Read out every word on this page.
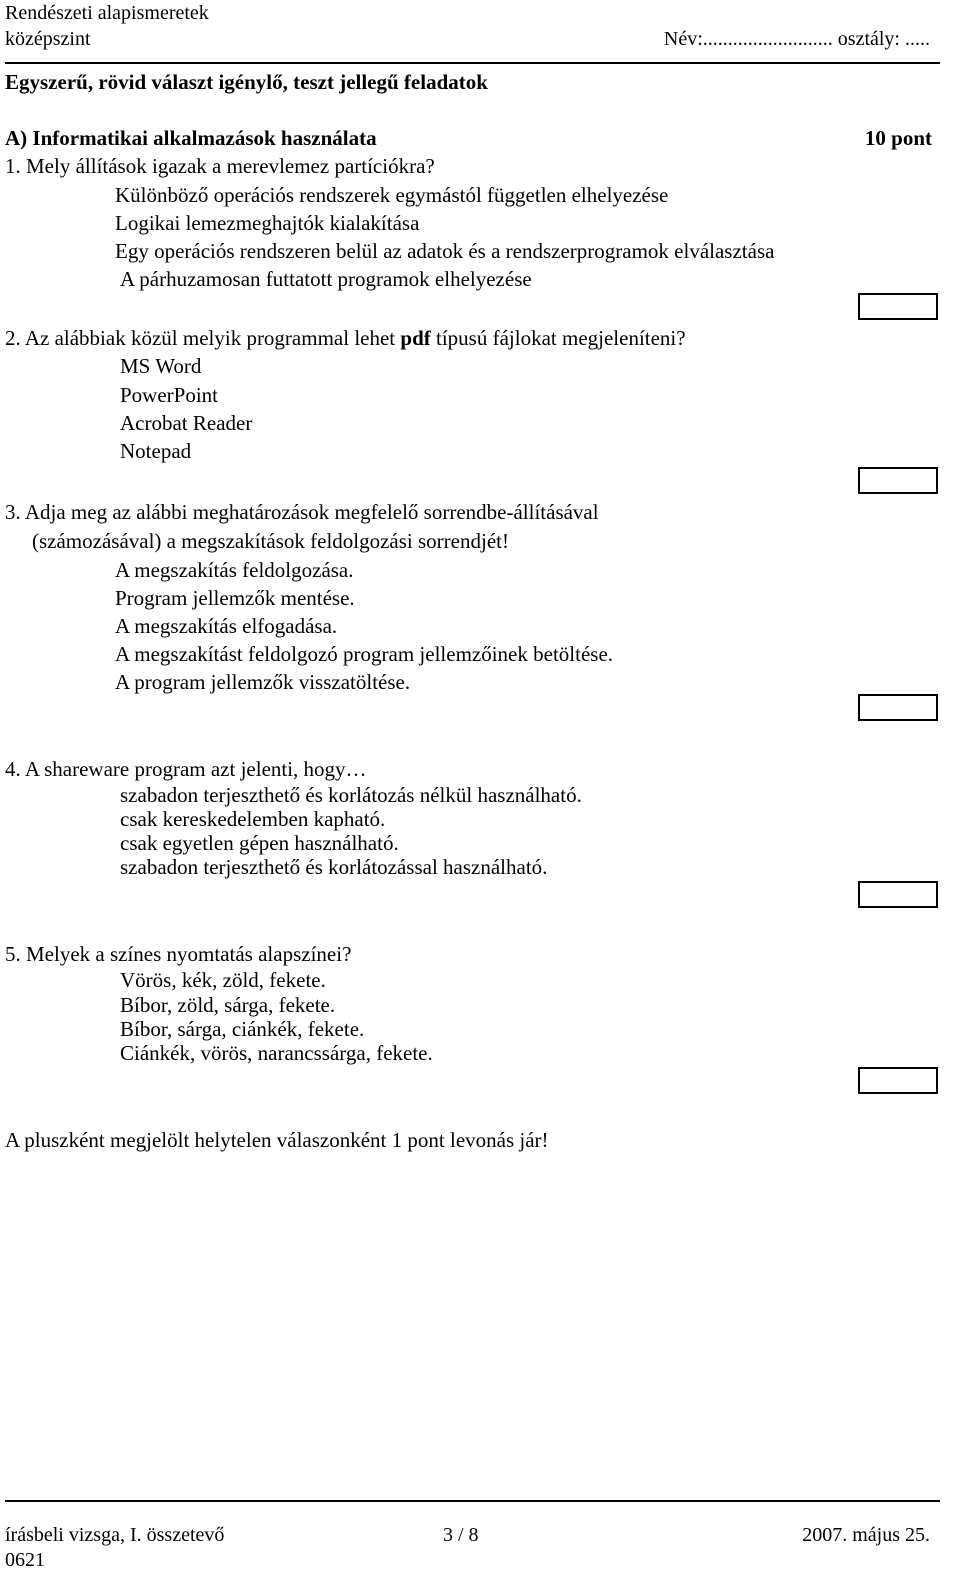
Rendészeti alapismeretek
középszint	Név:.......................... osztály: .....
Egyszerű, rövid választ igénylő, teszt jellegű feladatok
A) Informatikai alkalmazások használata	10 pont
1. Mely állítások igazak a merevlemez partíciókra?
Különböző operációs rendszerek egymástól független elhelyezése
Logikai lemezmeghajtók kialakítása
Egy operációs rendszeren belül az adatok és a rendszerprogramok elválasztása
A párhuzamosan futtatott programok elhelyezése
2. Az alábbiak közül melyik programmal lehet pdf típusú fájlokat megjeleníteni?
MS Word
PowerPoint
Acrobat Reader
Notepad
3. Adja meg az alábbi meghatározások megfelelő sorrendbe-állításával
(számozásával) a megszakítások feldolgozási sorrendjét!
A megszakítás feldolgozása.
Program jellemzők mentése.
A megszakítás elfogadása.
A megszakítást feldolgozó program jellemzőinek betöltése.
A program jellemzők visszatöltése.
4. A shareware program azt jelenti, hogy…
szabadon terjeszthető és korlátozás nélkül használható.
csak kereskedelemben kapható.
csak egyetlen gépen használható.
szabadon terjeszthető és korlátozással használható.
5. Melyek a színes nyomtatás alapszínei?
Vörös, kék, zöld, fekete.
Bíbor, zöld, sárga, fekete.
Bíbor, sárga, ciánkék, fekete.
Ciánkék, vörös, narancssárga, fekete.
A pluszként megjelölt helytelen válaszonként 1 pont levonás jár!
írásbeli vizsga, I. összetevő	3 / 8	2007. május 25.
0621
